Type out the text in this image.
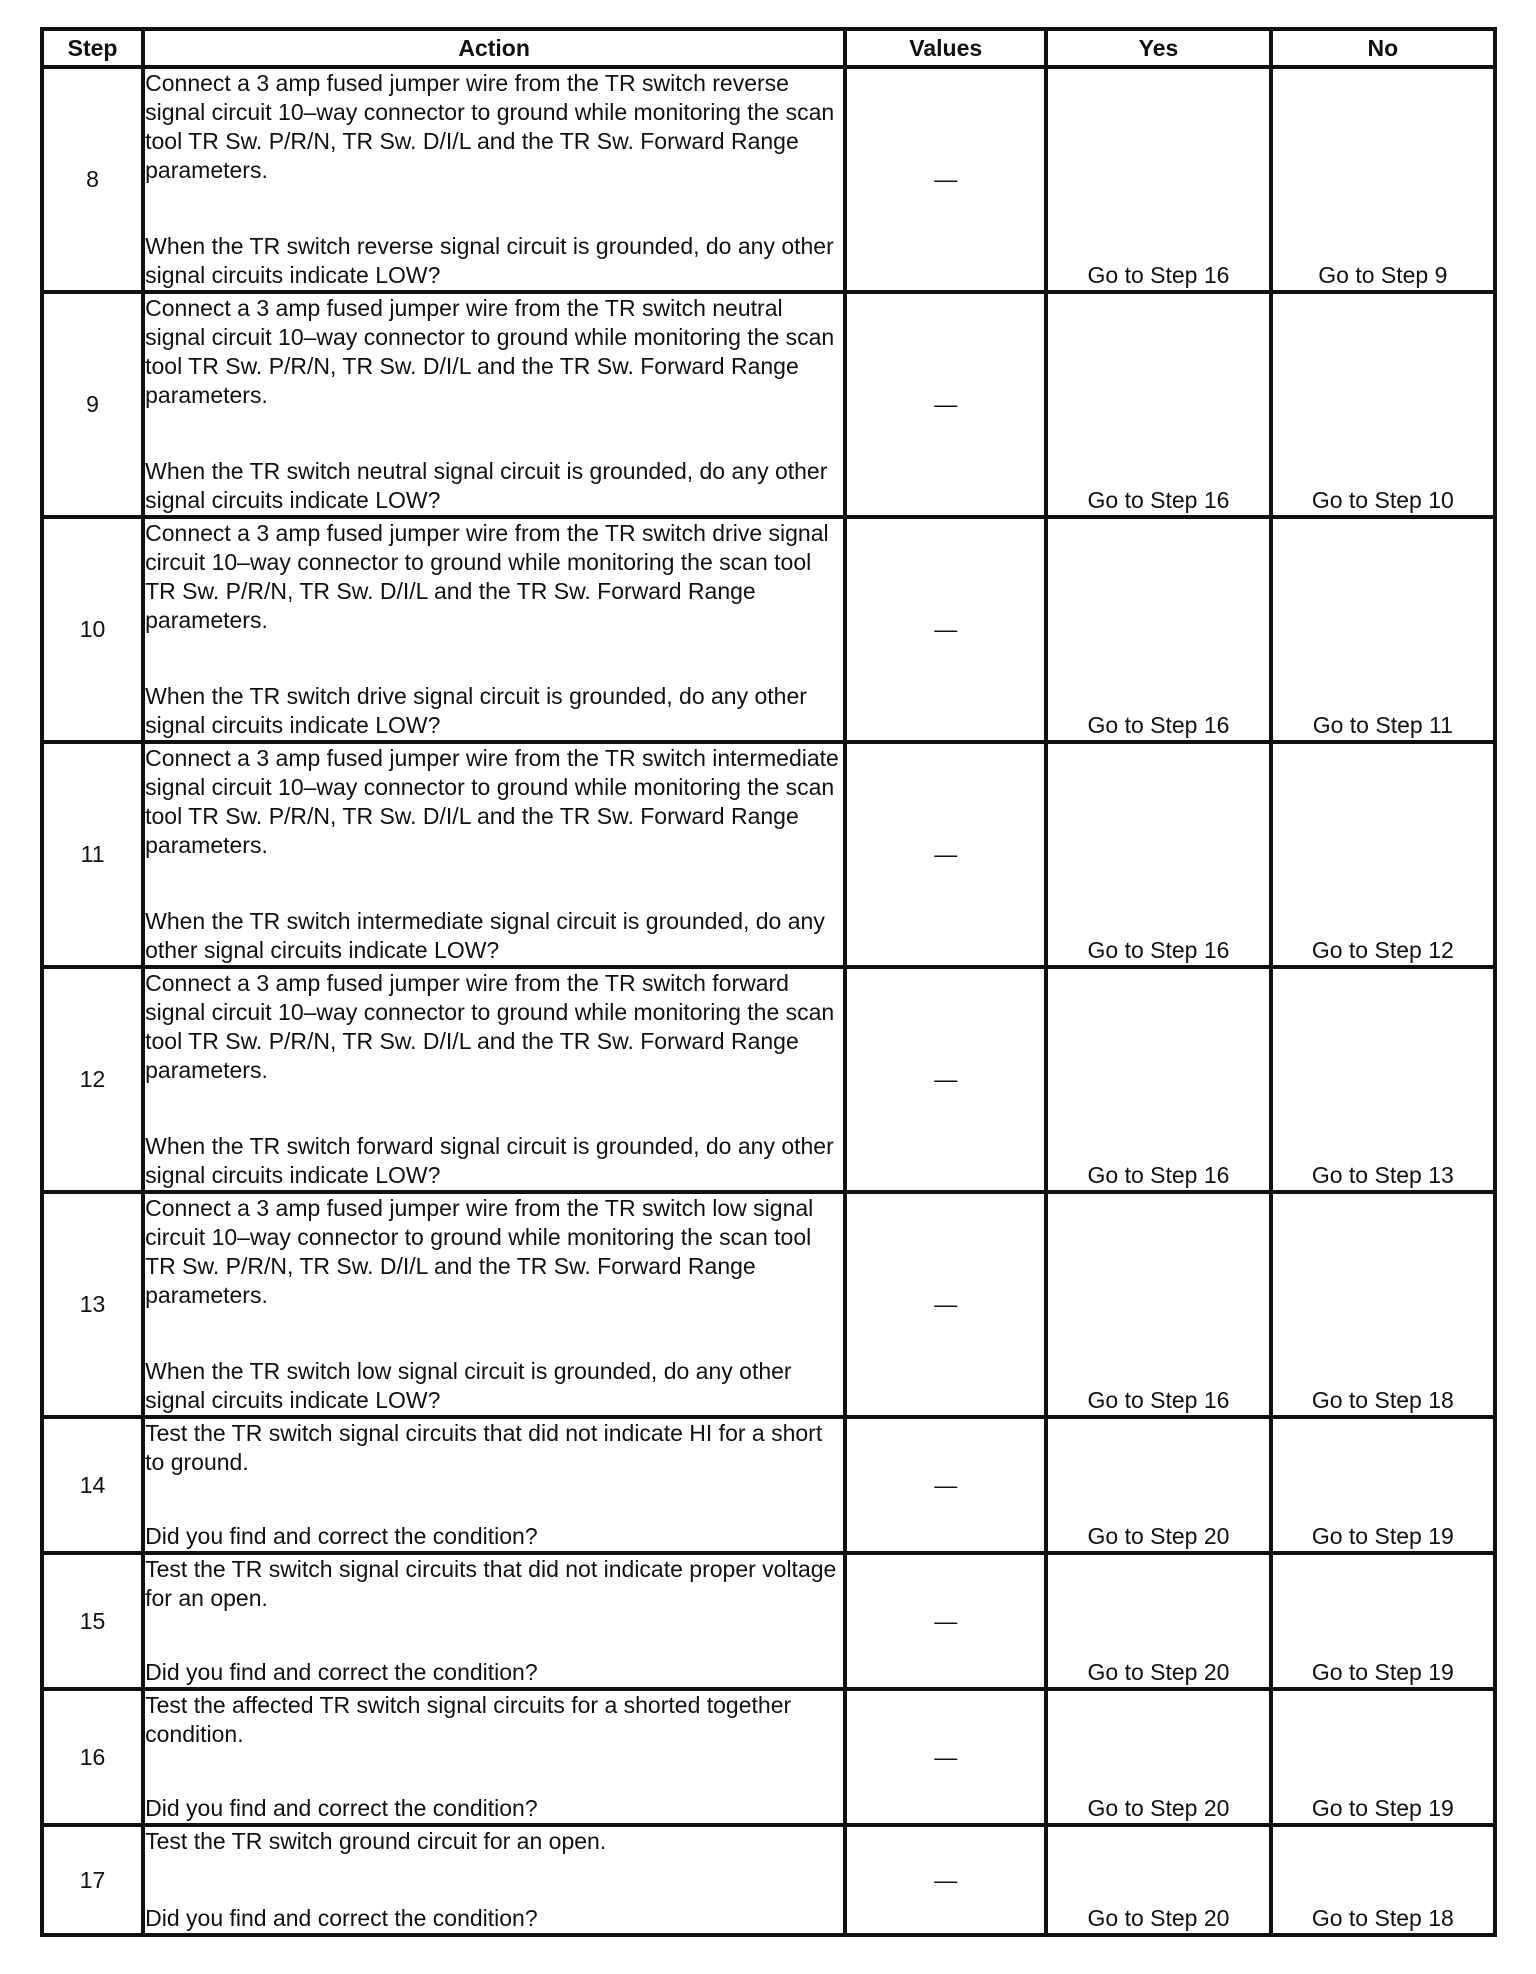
Step	Action	Values	Yes	No
8	Connect a 3 amp fused jumper wire from the TR switch reverse signal circuit 10–way connector to ground while monitoring the scan tool TR Sw. P/R/N, TR Sw. D/I/L and the TR Sw. Forward Range parameters.
When the TR switch reverse signal circuit is grounded, do any other signal circuits indicate LOW?	—	Go to Step 16	Go to Step 9
9	Connect a 3 amp fused jumper wire from the TR switch neutral signal circuit 10–way connector to ground while monitoring the scan tool TR Sw. P/R/N, TR Sw. D/I/L and the TR Sw. Forward Range parameters.
When the TR switch neutral signal circuit is grounded, do any other signal circuits indicate LOW?	—	Go to Step 16	Go to Step 10
10	Connect a 3 amp fused jumper wire from the TR switch drive signal circuit 10–way connector to ground while monitoring the scan tool TR Sw. P/R/N, TR Sw. D/I/L and the TR Sw. Forward Range parameters.
When the TR switch drive signal circuit is grounded, do any other signal circuits indicate LOW?	—	Go to Step 16	Go to Step 11
11	Connect a 3 amp fused jumper wire from the TR switch intermediate signal circuit 10–way connector to ground while monitoring the scan tool TR Sw. P/R/N, TR Sw. D/I/L and the TR Sw. Forward Range parameters.
When the TR switch intermediate signal circuit is grounded, do any other signal circuits indicate LOW?	—	Go to Step 16	Go to Step 12
12	Connect a 3 amp fused jumper wire from the TR switch forward signal circuit 10–way connector to ground while monitoring the scan tool TR Sw. P/R/N, TR Sw. D/I/L and the TR Sw. Forward Range parameters.
When the TR switch forward signal circuit is grounded, do any other signal circuits indicate LOW?	—	Go to Step 16	Go to Step 13
13	Connect a 3 amp fused jumper wire from the TR switch low signal circuit 10–way connector to ground while monitoring the scan tool TR Sw. P/R/N, TR Sw. D/I/L and the TR Sw. Forward Range parameters.
When the TR switch low signal circuit is grounded, do any other signal circuits indicate LOW?	—	Go to Step 16	Go to Step 18
14	Test the TR switch signal circuits that did not indicate HI for a short to ground.
Did you find and correct the condition?	—	Go to Step 20	Go to Step 19
15	Test the TR switch signal circuits that did not indicate proper voltage for an open.
Did you find and correct the condition?	—	Go to Step 20	Go to Step 19
16	Test the affected TR switch signal circuits for a shorted together condition.
Did you find and correct the condition?	—	Go to Step 20	Go to Step 19
17	Test the TR switch ground circuit for an open.
Did you find and correct the condition?	—	Go to Step 20	Go to Step 18
